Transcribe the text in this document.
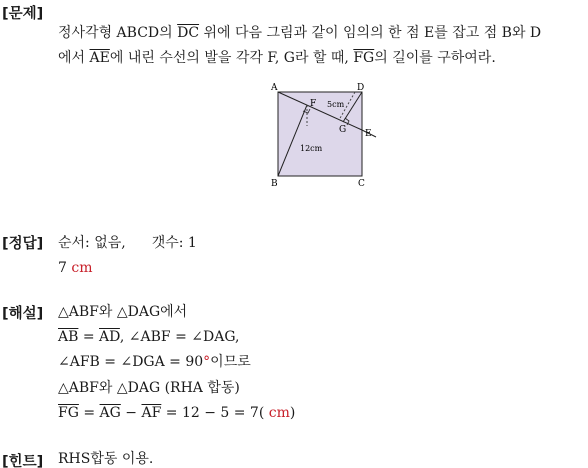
[문제]
정사각형 ABCD의 $\overline{DC}$ 위에 다음 그림과 같이 임의의 한 점 E를 잡고 점 B와 D
에서 $\overline{AE}$에 내린 수선의 발을 각각 F, G라 할 때, $\overline{FG}$의 길이를 구하여라.
A	D
B	C
E
F
G
5cm
12cm
[정답] 순서: 없음, 갯수: 1
7 cm
[해설] △ABF와 △DAG에서
$\overline{AB} = \overline{AD}$, ∠ABF = ∠DAG,
∠AFB = ∠DGA = 90°이므로
△ABF와 △DAG (RHA 합동)
$\overline{FG} = \overline{AG} - \overline{AF} = 12 - 5 = 7$( cm)
[힌트] RHS합동 이용.
